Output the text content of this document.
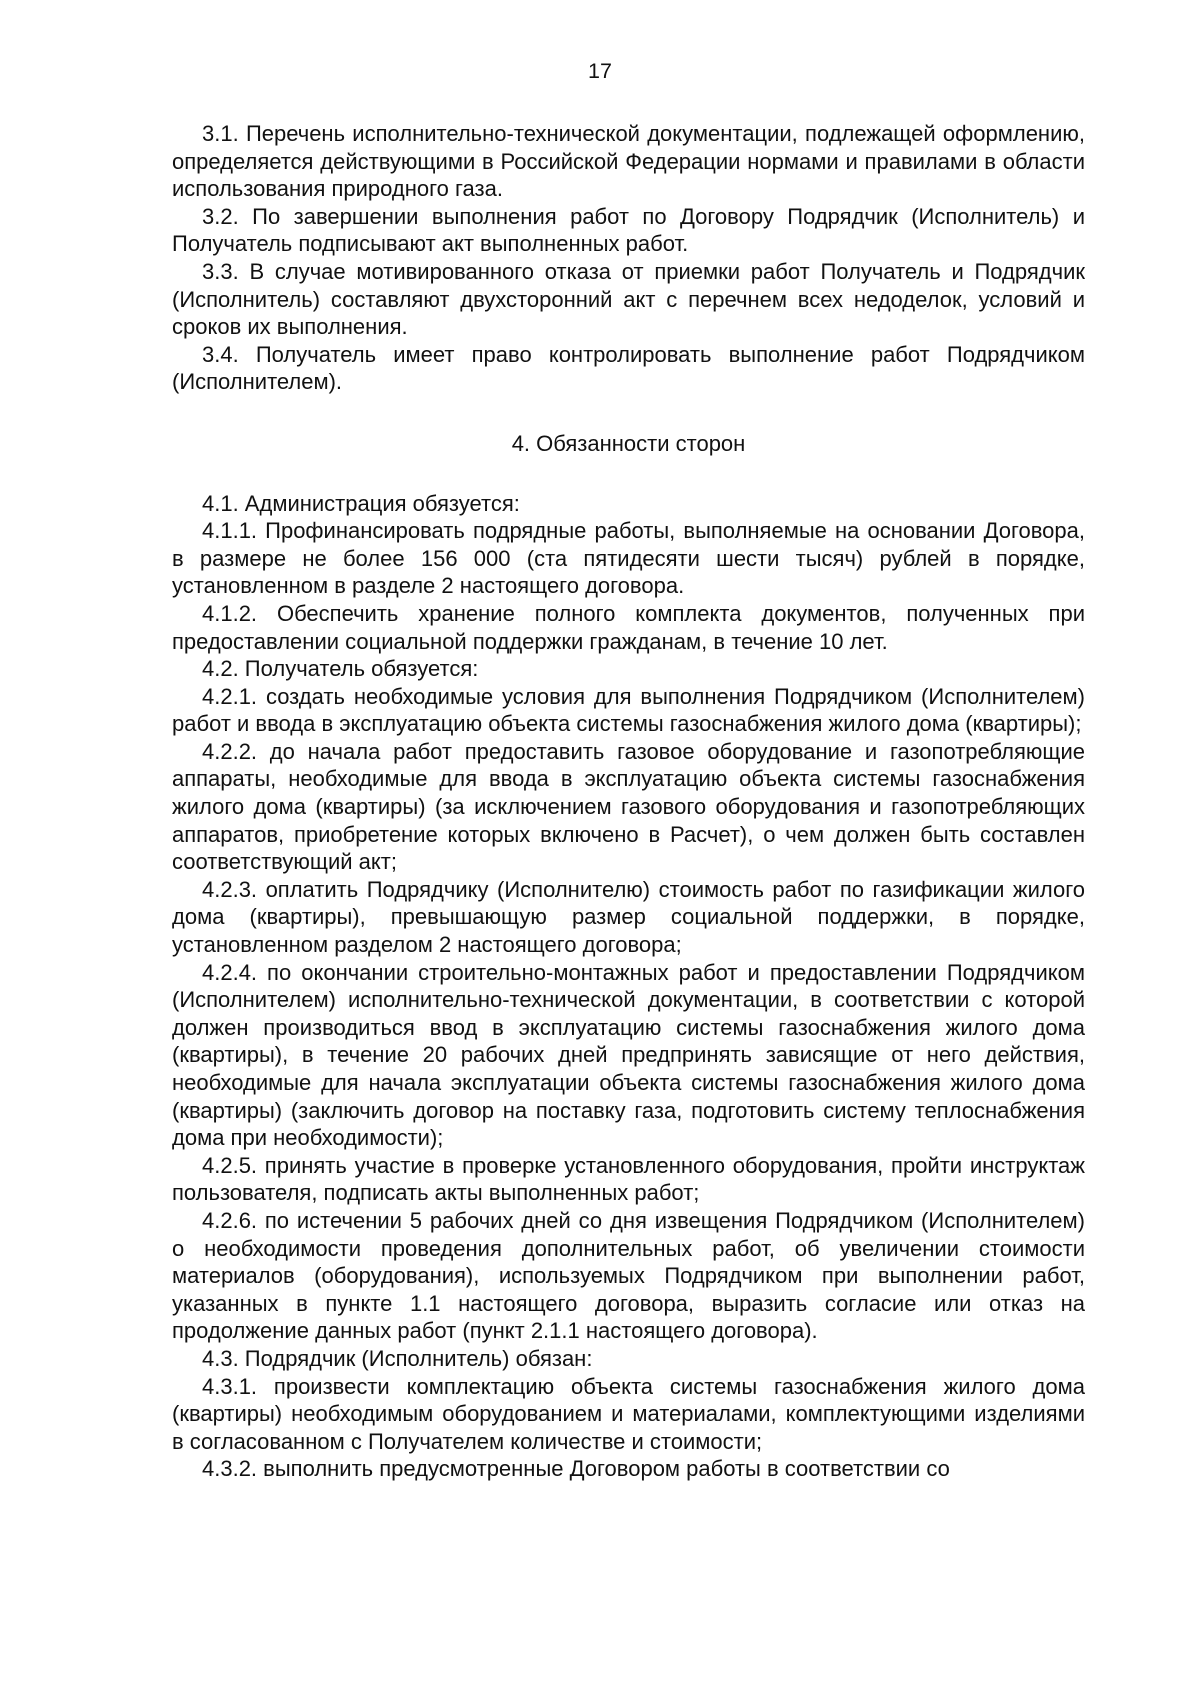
17

3.1. Перечень исполнительно-технической документации, подлежащей оформлению, определяется действующими в Российской Федерации нормами и правилами в области использования природного газа.

3.2. По завершении выполнения работ по Договору Подрядчик (Исполнитель) и Получатель подписывают акт выполненных работ.

3.3. В случае мотивированного отказа от приемки работ Получатель и Подрядчик (Исполнитель) составляют двухсторонний акт с перечнем всех недоделок, условий и сроков их выполнения.

3.4. Получатель имеет право контролировать выполнение работ Подрядчиком (Исполнителем).

4. Обязанности сторон

4.1. Администрация обязуется:

4.1.1. Профинансировать подрядные работы, выполняемые на основании Договора, в размере не более 156 000 (ста пятидесяти шести тысяч) рублей в порядке, установленном в разделе 2 настоящего договора.

4.1.2. Обеспечить хранение полного комплекта документов, полученных при предоставлении социальной поддержки гражданам, в течение 10 лет.

4.2. Получатель обязуется:

4.2.1. создать необходимые условия для выполнения Подрядчиком (Исполнителем) работ и ввода в эксплуатацию объекта системы газоснабжения жилого дома (квартиры);

4.2.2. до начала работ предоставить газовое оборудование и газопотребляющие аппараты, необходимые для ввода в эксплуатацию объекта системы газоснабжения жилого дома (квартиры) (за исключением газового оборудования и газопотребляющих аппаратов, приобретение которых включено в Расчет), о чем должен быть составлен соответствующий акт;

4.2.3. оплатить Подрядчику (Исполнителю) стоимость работ по газификации жилого дома (квартиры), превышающую размер социальной поддержки, в порядке, установленном разделом 2 настоящего договора;

4.2.4. по окончании строительно-монтажных работ и предоставлении Подрядчиком (Исполнителем) исполнительно-технической документации, в соответствии с которой должен производиться ввод в эксплуатацию системы газоснабжения жилого дома (квартиры), в течение 20 рабочих дней предпринять зависящие от него действия, необходимые для начала эксплуатации объекта системы газоснабжения жилого дома (квартиры) (заключить договор на поставку газа, подготовить систему теплоснабжения дома при необходимости);

4.2.5. принять участие в проверке установленного оборудования, пройти инструктаж пользователя, подписать акты выполненных работ;

4.2.6. по истечении 5 рабочих дней со дня извещения Подрядчиком (Исполнителем) о необходимости проведения дополнительных работ, об увеличении стоимости материалов (оборудования), используемых Подрядчиком при выполнении работ, указанных в пункте 1.1 настоящего договора, выразить согласие или отказ на продолжение данных работ (пункт 2.1.1 настоящего договора).

4.3. Подрядчик (Исполнитель) обязан:

4.3.1. произвести комплектацию объекта системы газоснабжения жилого дома (квартиры) необходимым оборудованием и материалами, комплектующими изделиями в согласованном с Получателем количестве и стоимости;

4.3.2. выполнить предусмотренные Договором работы в соответствии со
